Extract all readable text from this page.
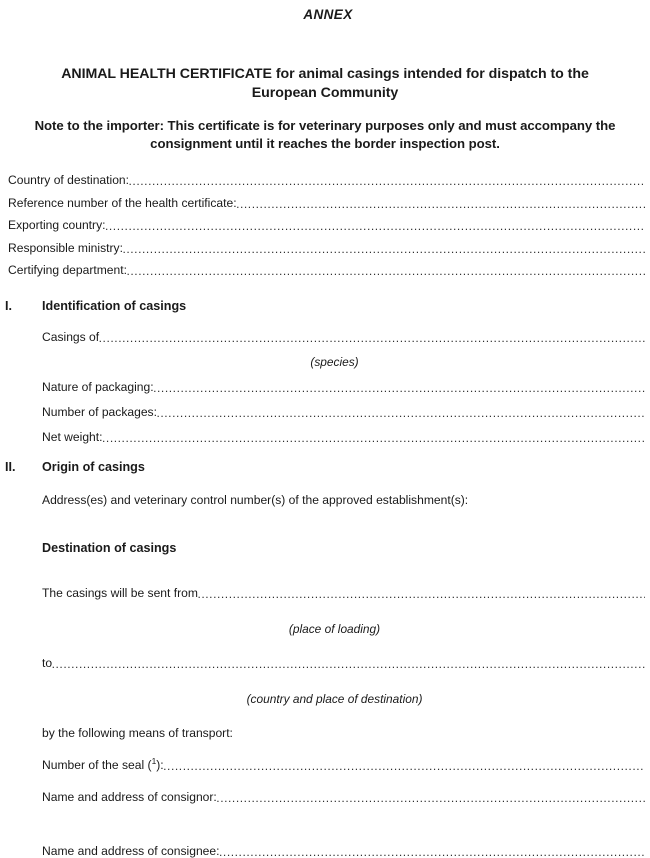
ANNEX
ANIMAL HEALTH CERTIFICATE for animal casings intended for dispatch to the European Community
Note to the importer: This certificate is for veterinary purposes only and must accompany the consignment until it reaches the border inspection post.
Country of destination:
.....
Reference number of the health certificate:
.....
Exporting country:
.....
Responsible ministry:
.....
Certifying department:
.....
I.	Identification of casings
Casings of
.....
(species)
Nature of packaging:
.....
Number of packages:
.....
Net weight:
.....
II.	Origin of casings
Address(es) and veterinary control number(s) of the approved establishment(s):
Destination of casings
The casings will be sent from
.....
(place of loading)
to
.....
(country and place of destination)
by the following means of transport:
Number of the seal ($^1$):
.....
Name and address of consignor:
.....
Name and address of consignee:
.....
